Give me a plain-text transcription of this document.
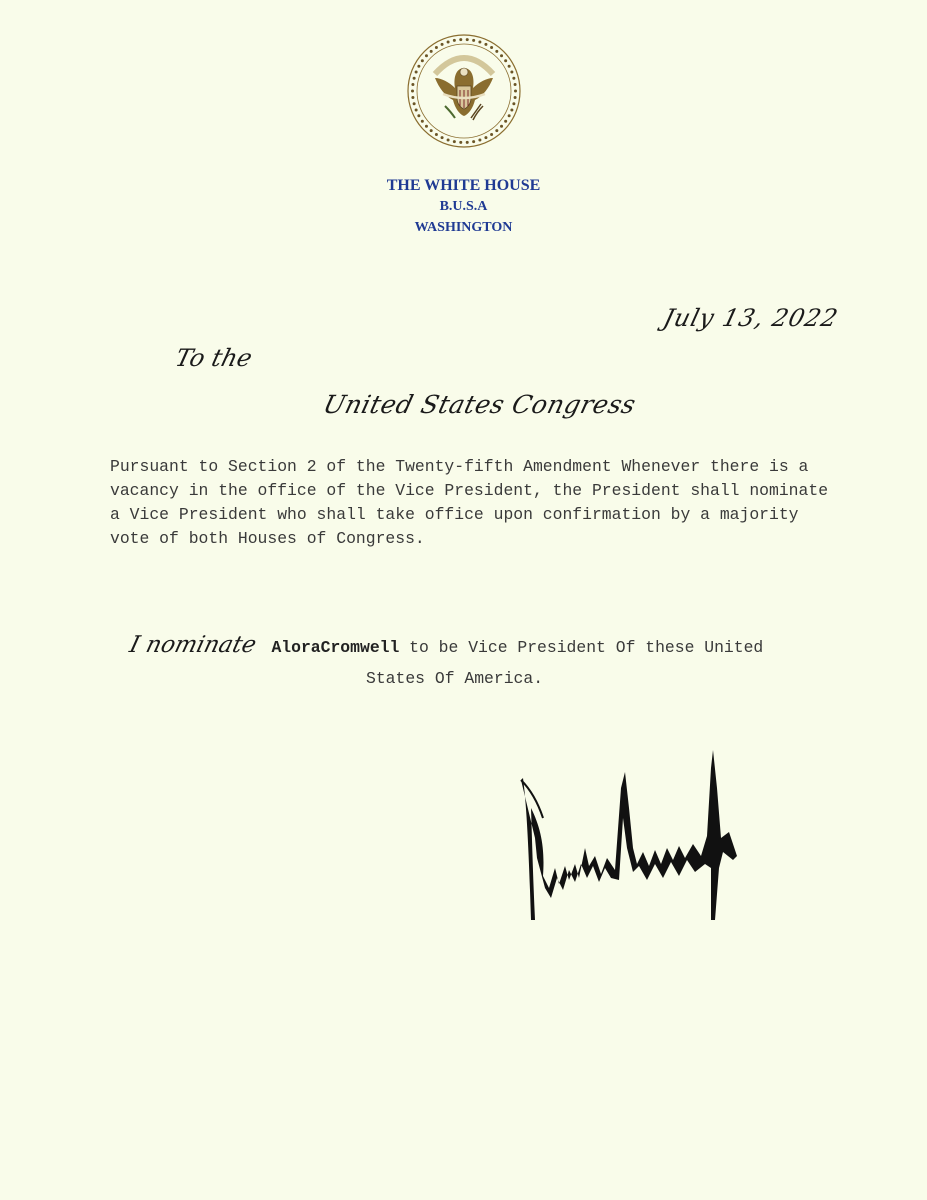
THE WHITE HOUSE
B.U.S.A
WASHINGTON
July 13, 2022
To the
United States Congress
Pursuant to Section 2 of the Twenty-fifth Amendment Whenever there is a vacancy in the office of the Vice President, the President shall nominate a Vice President who shall take office upon confirmation by a majority vote of both Houses of Congress.
I nominate AloraCromwell to be Vice President Of these United
States Of America.
